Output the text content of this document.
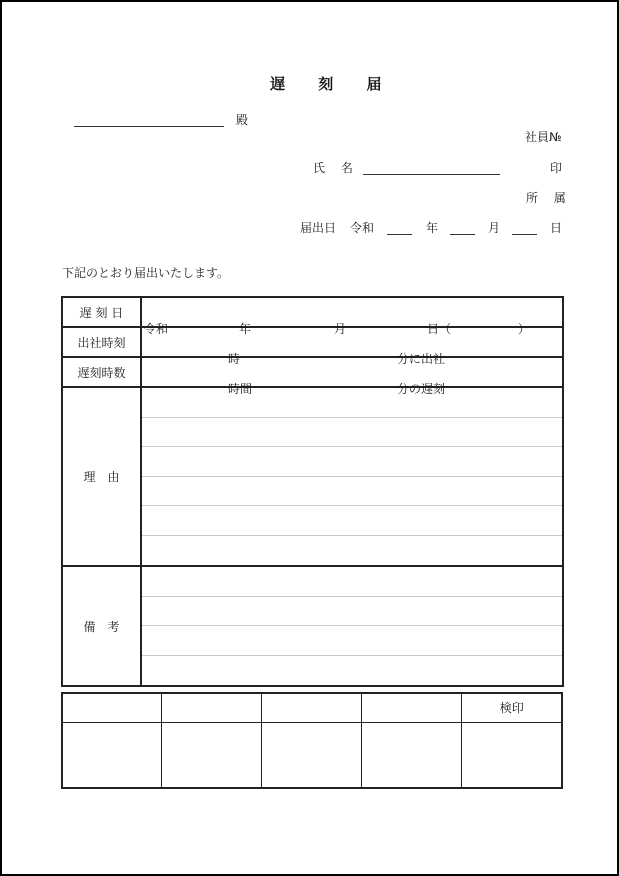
遅 刻 届
殿
社員№
氏 名	印
所 属
届出日 令和	年	月	日
下記のとおり届出いたします。
遅 刻 日	令和 年 月 日（ ）

出社時刻	時 分に出社

遅刻時数	時間 分の遅刻

理　由	

備　考	
				検印
